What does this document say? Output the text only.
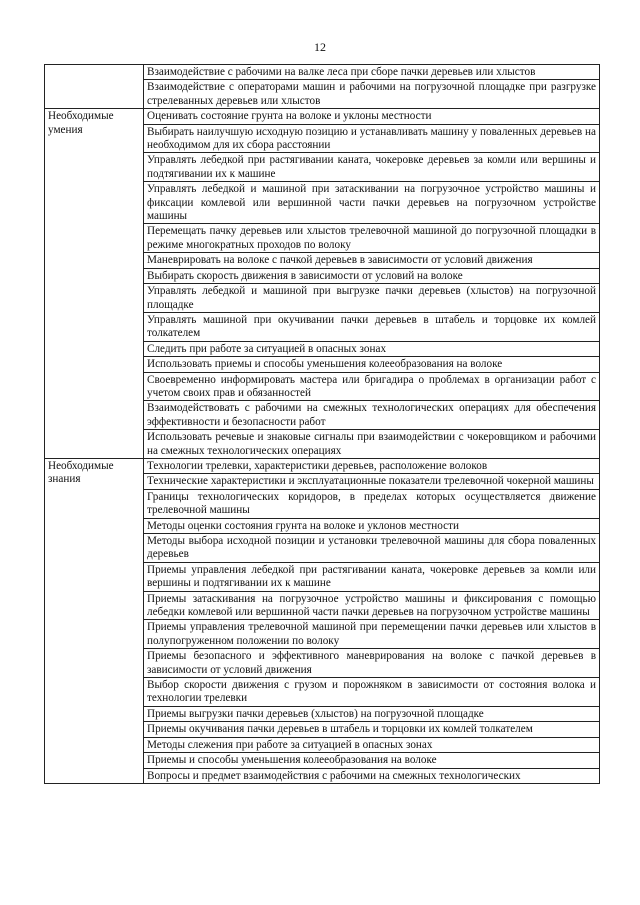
12
	Взаимодействие с рабочими на валке леса при сборе пачки деревьев или хлыстов
	Взаимодействие с операторами машин и рабочими на погрузочной площадке при разгрузке стрелеванных деревьев или хлыстов
Необходимые умения	Оценивать состояние грунта на волоке и уклоны местности
	Выбирать наилучшую исходную позицию и устанавливать машину у поваленных деревьев на необходимом для их сбора расстоянии
	Управлять лебедкой при растягивании каната, чокеровке деревьев за комли или вершины и подтягивании их к машине
	Управлять лебедкой и машиной при затаскивании на погрузочное устройство машины и фиксации комлевой или вершинной части пачки деревьев на погрузочном устройстве машины
	Перемещать пачку деревьев или хлыстов трелевочной машиной до погрузочной площадки в режиме многократных проходов по волоку
	Маневрировать на волоке с пачкой деревьев в зависимости от условий движения
	Выбирать скорость движения в зависимости от условий на волоке
	Управлять лебедкой и машиной при выгрузке пачки деревьев (хлыстов) на погрузочной площадке
	Управлять машиной при окучивании пачки деревьев в штабель и торцовке их комлей толкателем
	Следить при работе за ситуацией в опасных зонах
	Использовать приемы и способы уменьшения колееобразования на волоке
	Своевременно информировать мастера или бригадира о проблемах в организации работ с учетом своих прав и обязанностей
	Взаимодействовать с рабочими на смежных технологических операциях для обеспечения эффективности и безопасности работ
	Использовать речевые и знаковые сигналы при взаимодействии с чокеровщиком и рабочими на смежных технологических операциях
Необходимые знания	Технологии трелевки, характеристики деревьев, расположение волоков
	Технические характеристики и эксплуатационные показатели трелевочной чокерной машины
	Границы технологических коридоров, в пределах которых осуществляется движение трелевочной машины
	Методы оценки состояния грунта на волоке и уклонов местности
	Методы выбора исходной позиции и установки трелевочной машины для сбора поваленных деревьев
	Приемы управления лебедкой при растягивании каната, чокеровке деревьев за комли или вершины и подтягивании их к машине
	Приемы затаскивания на погрузочное устройство машины и фиксирования с помощью лебедки комлевой или вершинной части пачки деревьев на погрузочном устройстве машины
	Приемы управления трелевочной машиной при перемещении пачки деревьев или хлыстов в полупогруженном положении по волоку
	Приемы безопасного и эффективного маневрирования на волоке с пачкой деревьев в зависимости от условий движения
	Выбор скорости движения с грузом и порожняком в зависимости от состояния волока и технологии трелевки
	Приемы выгрузки пачки деревьев (хлыстов) на погрузочной площадке
	Приемы окучивания пачки деревьев в штабель и торцовки их комлей толкателем
	Методы слежения при работе за ситуацией в опасных зонах
	Приемы и способы уменьшения колееобразования на волоке
	Вопросы и предмет взаимодействия с рабочими на смежных технологических
